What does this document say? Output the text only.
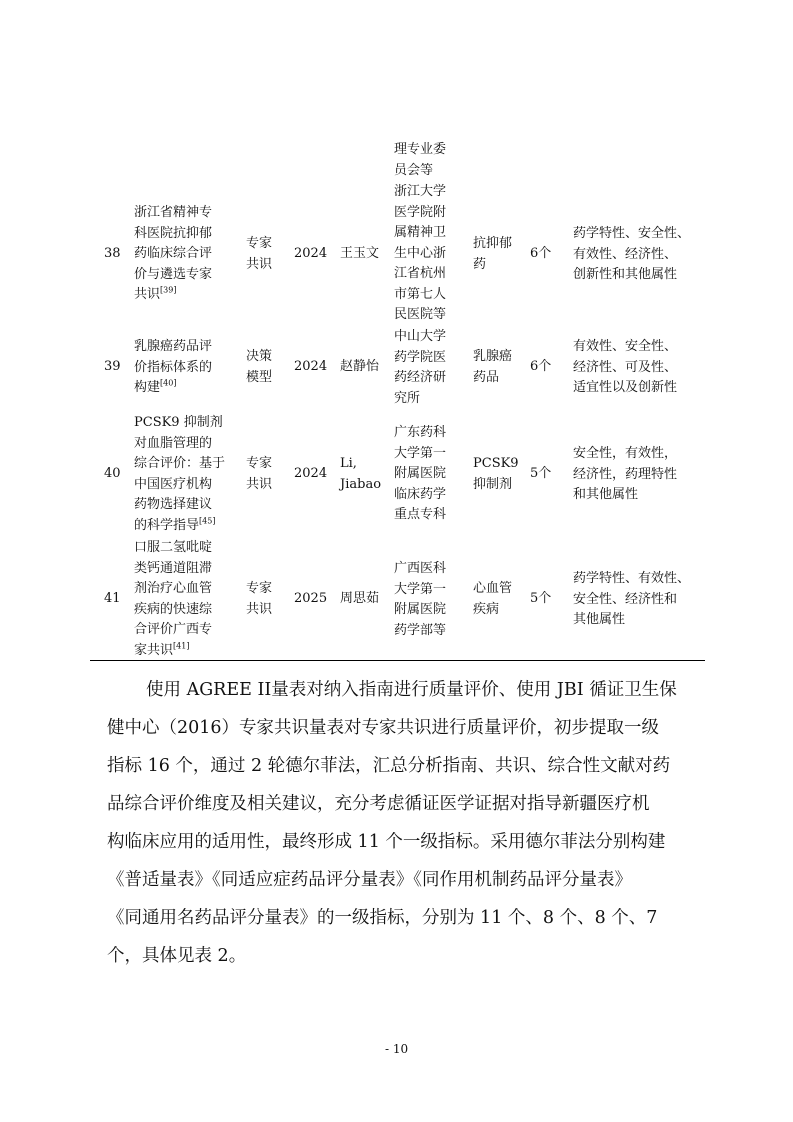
理专业委
员会等
38
浙江省精神专
科医院抗抑郁
药临床综合评
价与遴选专家
共识[39]
专家
共识
2024 王玉文
浙江大学
医学院附
属精神卫
生中心浙
江省杭州
市第七人
民医院等
抗抑郁
药
6个
药学特性、安全性、
有效性、经济性、
创新性和其他属性
39
乳腺癌药品评
价指标体系的
构建[40]
决策
模型
2024 赵静怡
中山大学
药学院医
药经济研
究所
乳腺癌
药品
6个
有效性、安全性、
经济性、可及性、
适宜性以及创新性
40
PCSK9 抑制剂
对血脂管理的
综合评价：基于
中国医疗机构
药物选择建议
的科学指导[45]
专家
共识
2024
Li,
Jiabao
广东药科
大学第一
附属医院
临床药学
重点专科
PCSK9
抑制剂
5个
安全性，有效性，
经济性，药理特性
和其他属性
41
口服二氢吡啶
类钙通道阻滞
剂治疗心血管
疾病的快速综
合评价广西专
家共识[41]
专家
共识
2025 周思茹
广西医科
大学第一
附属医院
药学部等
心血管
疾病
5个
药学特性、有效性、
安全性、经济性和
其他属性
使用 AGREE II量表对纳入指南进行质量评价、使用 JBI 循证卫生保
健中心（2016）专家共识量表对专家共识进行质量评价，初步提取一级
指标 16 个，通过 2 轮德尔菲法，汇总分析指南、共识、综合性文献对药
品综合评价维度及相关建议，充分考虑循证医学证据对指导新疆医疗机
构临床应用的适用性，最终形成 11 个一级指标。采用德尔菲法分别构建
《普适量表》《同适应症药品评分量表》《同作用机制药品评分量表》
《同通用名药品评分量表》的一级指标，分别为 11 个、8 个、8 个、7
个，具体见表 2。
- 10
